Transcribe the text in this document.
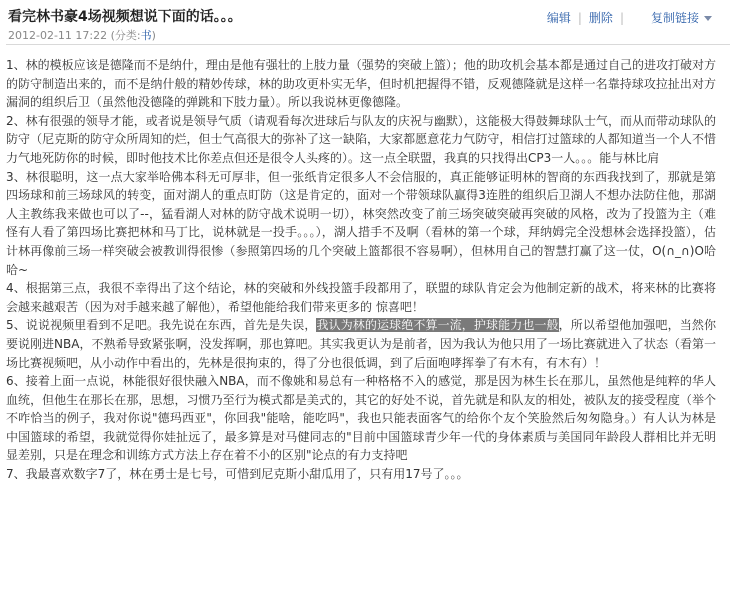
看完林书豪4场视频想说下面的话。。。
2012-02-11 17:22 (分类:书)
编辑 | 删除 | 复制链接

1、林的模板应该是德隆而不是纳什，理由是他有强壮的上肢力量（强势的突破上篮）；他的助攻机会基本都是通过自己的进攻打破对方的防守制造出来的，而不是纳什般的精妙传球，林的助攻更朴实无华，但时机把握得不错，反观德隆就是这样一名靠持球攻拉扯出对方漏洞的组织后卫（虽然他没德隆的弹跳和下肢力量）。所以我说林更像德隆。

2、林有很强的领导才能，或者说是领导气质（请观看每次进球后与队友的庆祝与幽默），这能极大得鼓舞球队士气，而从而带动球队的防守（尼克斯的防守众所周知的烂，但士气高很大的弥补了这一缺陷，大家都愿意花力气防守，相信打过篮球的人都知道当一个人不惜力气地死防你的时候，即时他技术比你差点但还是很令人头疼的）。这一点全联盟，我真的只找得出CP3一人。。。能与林比肩

3、林很聪明，这一点大家举哈佛本科无可厚非，但一张纸肯定很多人不会信服的，真正能够证明林的智商的东西我找到了，那就是第四场球和前三场球风的转变，面对湖人的重点盯防（这是肯定的，面对一个带领球队赢得3连胜的组织后卫湖人不想办法防住他，那湖人主教练我来做也可以了--，猛看湖人对林的防守战术说明一切），林突然改变了前三场突破突破再突破的风格，改为了投篮为主（难怪有人看了第四场比赛把林和马丁比，说林就是一投手。。。），湖人措手不及啊（看林的第一个球，拜纳姆完全没想林会选择投篮），估计林再像前三场一样突破会被教训得很惨（参照第四场的几个突破上篮都很不容易啊），但林用自己的智慧打赢了这一仗，O(∩_∩)O哈哈~

4、根据第三点，我很不幸得出了这个结论，林的突破和外线投篮手段都用了，联盟的球队肯定会为他制定新的战术，将来林的比赛将会越来越艰苦（因为对手越来越了解他），希望他能给我们带来更多的 惊喜吧！

5、说说视频里看到不足吧。我先说在东西，首先是失误，我认为林的运球绝不算一流，护球能力也一般，所以希望他加强吧，当然你要说刚进NBA，不熟希导致紧张啊，没发挥啊，那也算吧。其实我更认为是前者，因为我认为他只用了一场比赛就进入了状态（看第一场比赛视频吧，从小动作中看出的，先林是很拘束的，得了分也很低调，到了后面咆哮挥拳了有木有，有木有）！

6、接着上面一点说，林能很好很快融入NBA，而不像姚和易总有一种格格不入的感觉，那是因为林生长在那儿，虽然他是纯粹的华人血统，但他生在那长在那，思想，习惯乃至行为模式都是美式的，其它的好处不说，首先就是和队友的相处，被队友的接受程度（举个不咋恰当的例子，我对你说"德玛西亚"，你回我"能啥，能吃吗"，我也只能表面客气的给你个友个笑脸然后匆匆隐身。）有人认为林是中国篮球的希望，我就觉得你娃扯远了，最多算是对马健同志的"目前中国篮球青少年一代的身体素质与美国同年龄段人群相比并无明显差别，只是在理念和训练方式方法上存在着不小的区别"论点的有力支持吧

7、我最喜欢数字7了，林在勇士是七号，可惜到尼克斯小甜瓜用了，只有用17号了。。。
